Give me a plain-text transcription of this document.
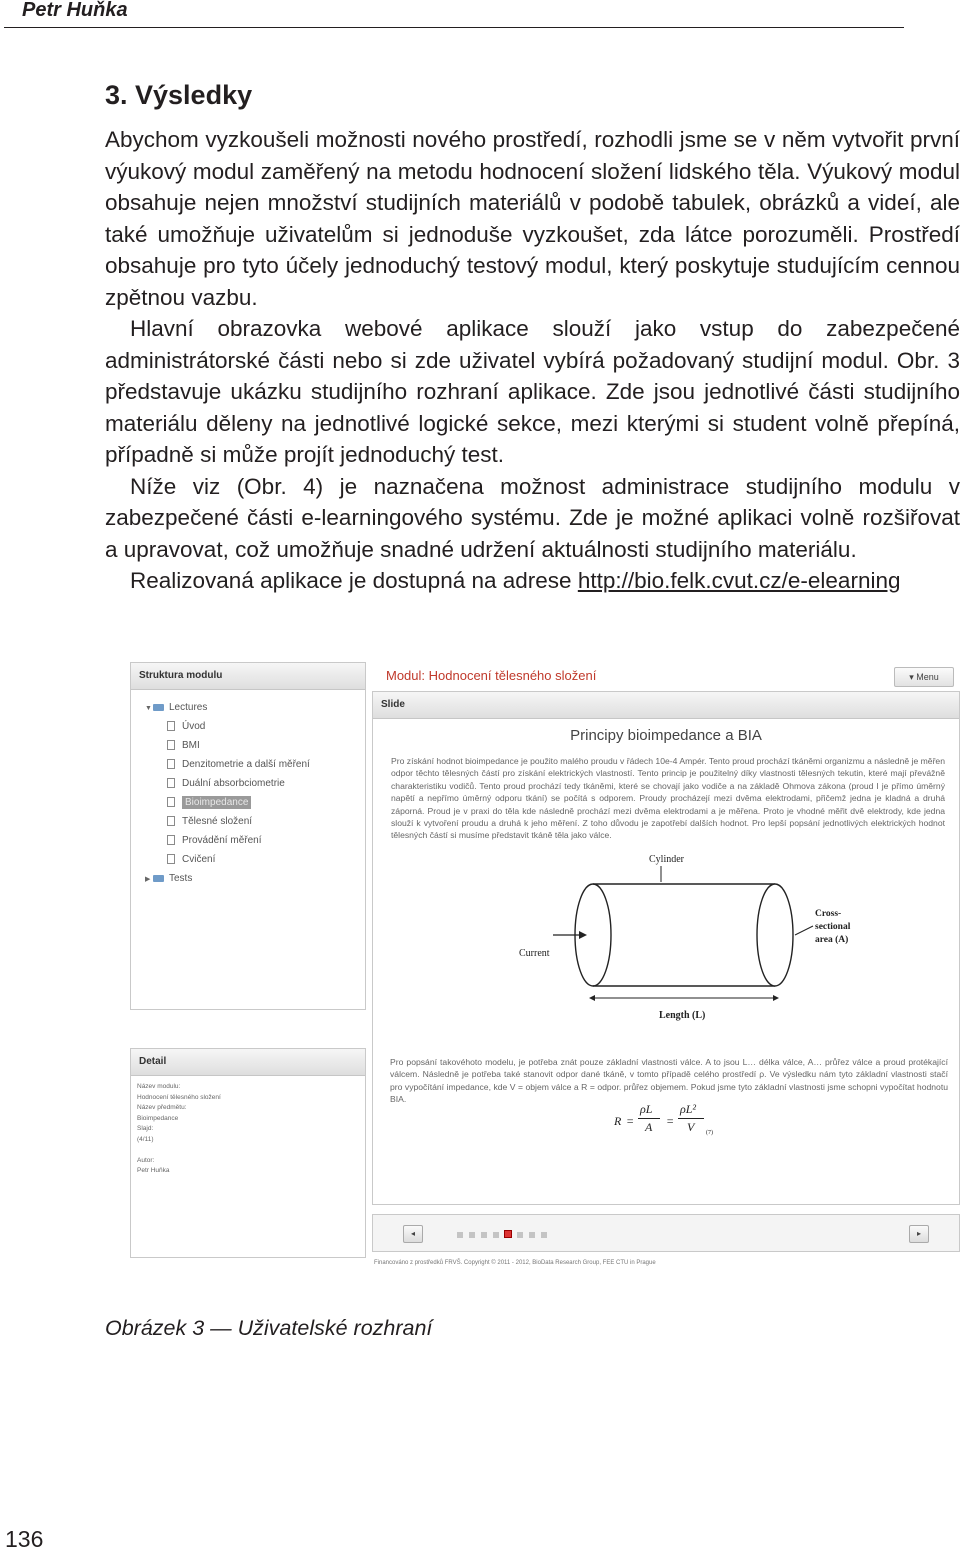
Petr Huňka
3. Výsledky

Abychom vyzkoušeli možnosti nového prostředí, rozhodli jsme se v něm vytvořit první výukový modul zaměřený na metodu hodnocení složení lidského těla. Výukový modul obsahuje nejen množství studijních materiálů v podobě tabulek, obrázků a videí, ale také umožňuje uživatelům si jednoduše vyzkoušet, zda látce porozuměli. Prostředí obsahuje pro tyto účely jednoduchý testový modul, který poskytuje studujícím cennou zpětnou vazbu.

Hlavní obrazovka webové aplikace slouží jako vstup do zabezpečené administrátorské části nebo si zde uživatel vybírá požadovaný studijní modul. Obr. 3 představuje ukázku studijního rozhraní aplikace. Zde jsou jednotlivé části studijního materiálu děleny na jednotlivé logické sekce, mezi kterými si student volně přepíná, případně si může projít jednoduchý test.

Níže viz (Obr. 4) je naznačena možnost administrace studijního modulu v zabezpečené části e-learningového systému. Zde je možné aplikaci volně rozšiřovat a upravovat, což umožňuje snadné udržení aktuálnosti studijního materiálu.

Realizovaná aplikace je dostupná na adrese http://bio.felk.cvut.cz/e-elearning

Struktura modulu
▼ Lectures
Úvod
BMI
Denzitometrie a další měření
Duální absorbciometrie
Bioimpedance
Tělesné složení
Provádění měření
Cvičení
▶ Tests
Detail
Název modulu:
Hodnocení tělesného složení
Název předmětu:
Bioimpedance
Slajd:
(4/11)

Autor:
Petr Huňka
Modul: Hodnocení tělesného složení	▾ Menu
Slide
Principy bioimpedance a BIA
Pro získání hodnot bioimpedance je použito malého proudu v řádech 10e-4 Ampér. Tento proud prochází tkáněmi organizmu a následně je měřen odpor těchto tělesných částí pro získání elektrických vlastností. Tento princip je použitelný díky vlastnosti tělesných tekutin, které mají převážně charakteristiku vodičů. Tento proud prochází tedy tkáněmi, které se chovají jako vodiče a na základě Ohmova zákona (proud I je přímo úměrný napětí a nepřímo úměrný odporu tkání) se počítá s odporem. Proudy procházejí mezi dvěma elektrodami, přičemž jedna je kladná a druhá záporná. Proud je v praxi do těla kde následně prochází mezi dvěma elektrodami a je měřena. Proto je vhodné měřit dvě elektrody, kde jedna slouží k vytvoření proudu a druhá k jeho měření. Z toho důvodu je zapotřebí dalších hodnot. Pro lepší popsání jednotlivých elektrických hodnot tělesných částí si musíme představit tkáně těla jako válce.
Cylinder
Current
Cross-
sectional
area (A)
Length (L)
Pro popsání takovéhoto modelu, je potřeba znát pouze základní vlastnosti válce. A to jsou L… délka válce, A… průřez válce a proud protékající válcem. Následně je potřeba také stanovit odpor dané tkáně, v tomto případě celého prostředí ρ. Ve výsledku nám tyto základní vlastnosti stačí pro vypočítání impedance, kde V = objem válce a R = odpor. průřez objemem. Pokud jsme tyto základní vlastnosti jsme schopni vypočítat hodnotu BIA.
R =
ρL
A =
ρL²
V (7)
◂	▸
Financováno z prostředků FRVŠ. Copyright © 2011 - 2012, BioData Research Group, FEE CTU in Prague
Obrázek 3 — Uživatelské rozhraní
136
